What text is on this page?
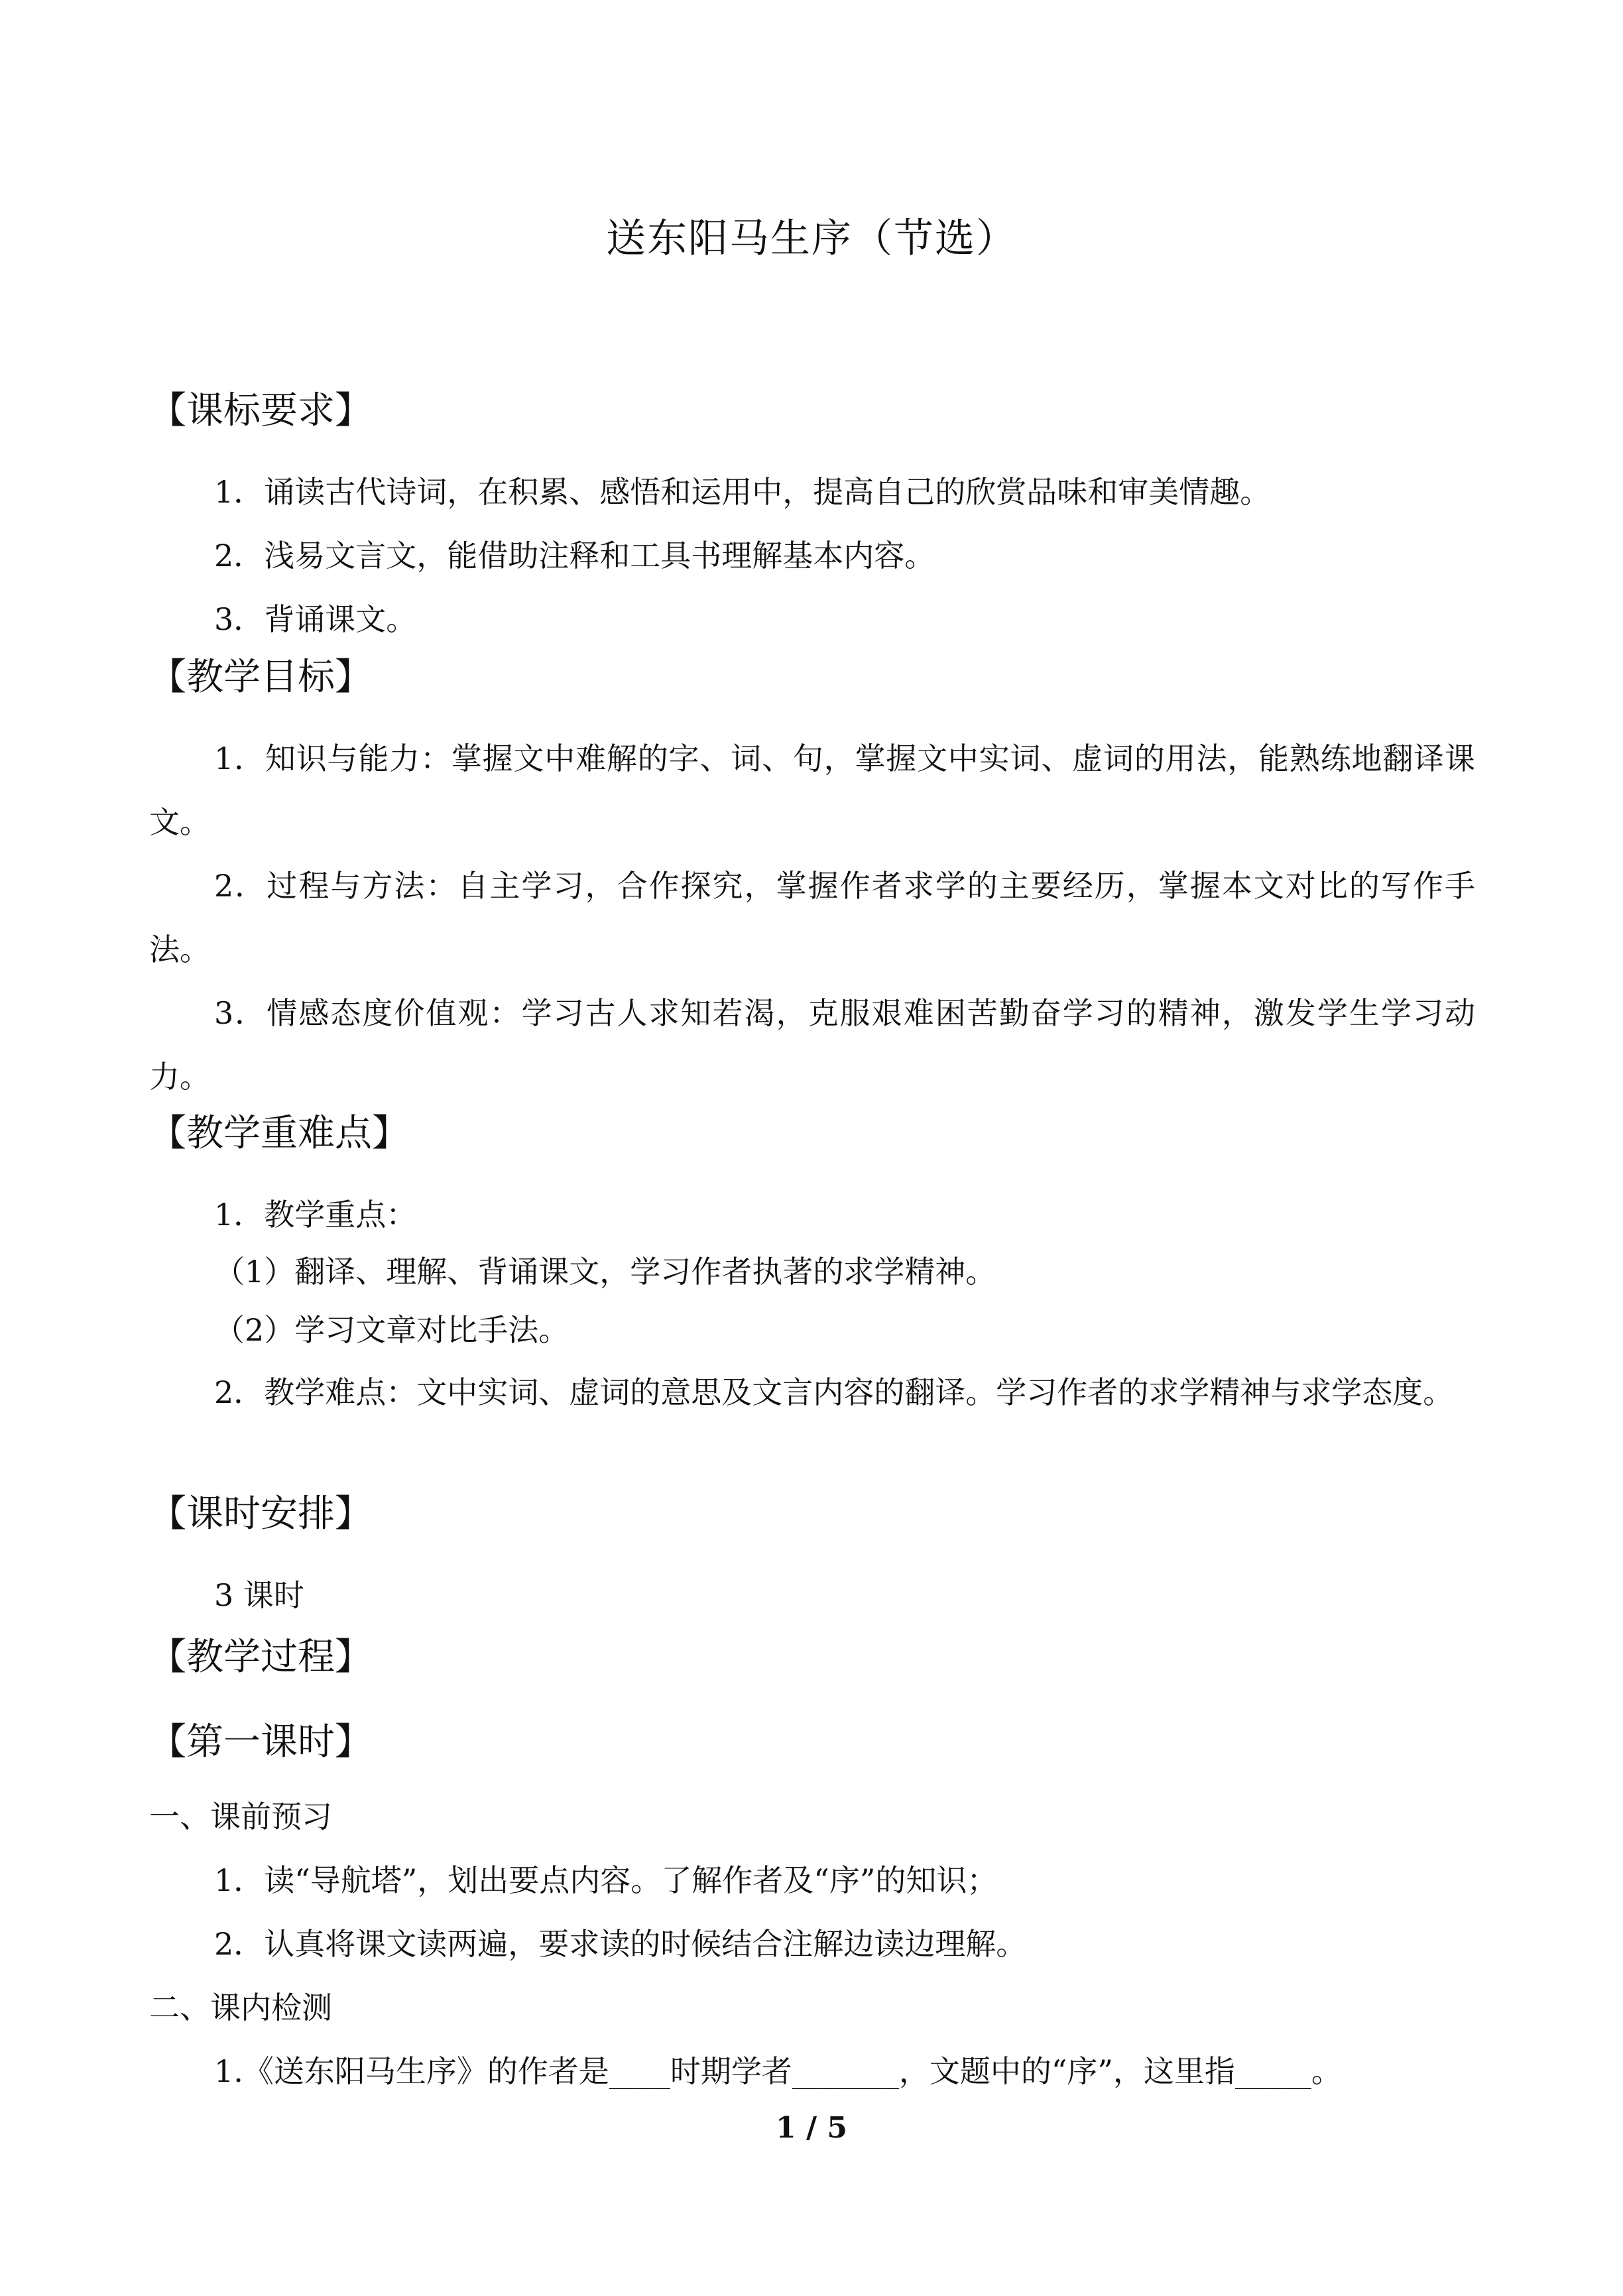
送东阳马生序（节选）
【课标要求】
1．诵读古代诗词，在积累、感悟和运用中，提高自己的欣赏品味和审美情趣。
2．浅易文言文，能借助注释和工具书理解基本内容。
3．背诵课文。
【教学目标】
1．知识与能力：掌握文中难解的字、词、句，掌握文中实词、虚词的用法，能熟练地翻译课文。
2．过程与方法：自主学习，合作探究，掌握作者求学的主要经历，掌握本文对比的写作手法。
3．情感态度价值观：学习古人求知若渴，克服艰难困苦勤奋学习的精神，激发学生学习动力。
【教学重难点】
1．教学重点：
（1）翻译、理解、背诵课文，学习作者执著的求学精神。
（2）学习文章对比手法。
2．教学难点：文中实词、虚词的意思及文言内容的翻译。学习作者的求学精神与求学态度。
【课时安排】
3 课时
【教学过程】
【第一课时】
一、课前预习
1．读“导航塔”，划出要点内容。了解作者及“序”的知识；
2．认真将课文读两遍，要求读的时候结合注解边读边理解。
二、课内检测
1.《送东阳马生序》的作者是____时期学者_______，文题中的“序”，这里指_____。
1 / 5
